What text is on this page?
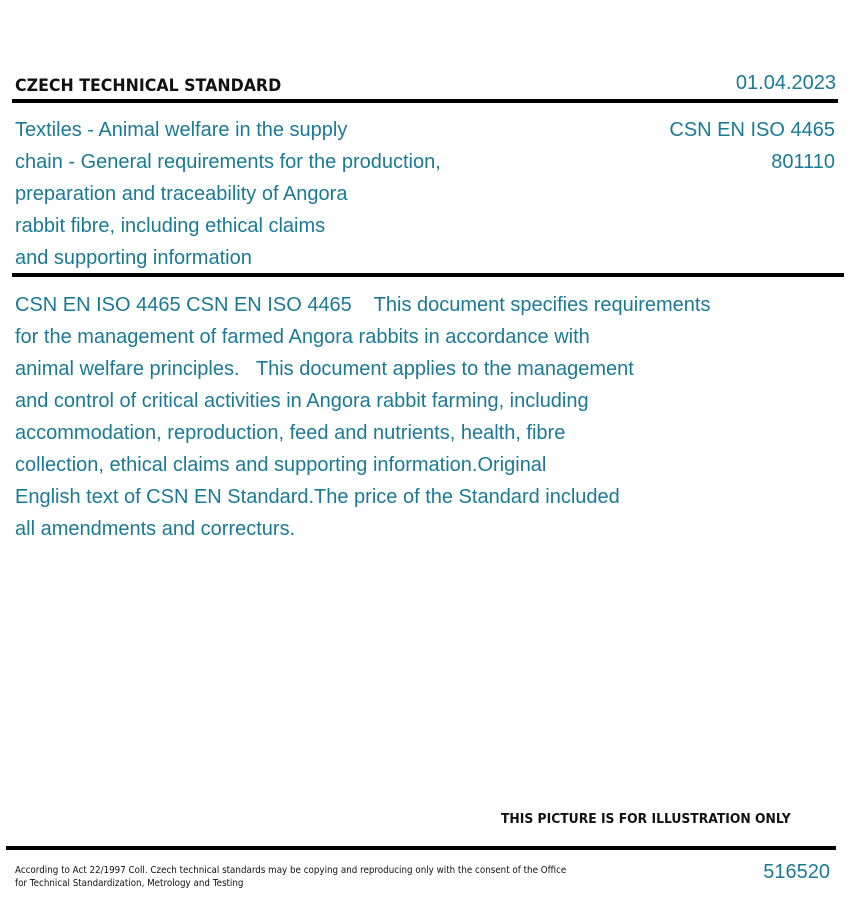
CZECH TECHNICAL STANDARD	01.04.2023
Textiles - Animal welfare in the supply
chain - General requirements for the production,
preparation and traceability of Angora
rabbit fibre, including ethical claims
and supporting information
CSN EN ISO 4465
801110
CSN EN ISO 4465 CSN EN ISO 4465    This document specifies requirements
for the management of farmed Angora rabbits in accordance with
animal welfare principles.   This document applies to the management
and control of critical activities in Angora rabbit farming, including
accommodation, reproduction, feed and nutrients, health, fibre
collection, ethical claims and supporting information.Original
English text of CSN EN Standard.The price of the Standard included
all amendments and correcturs.
THIS PICTURE IS FOR ILLUSTRATION ONLY
According to Act 22/1997 Coll. Czech technical standards may be copying and reproducing only with the consent of the Office
for Technical Standardization, Metrology and Testing
516520
